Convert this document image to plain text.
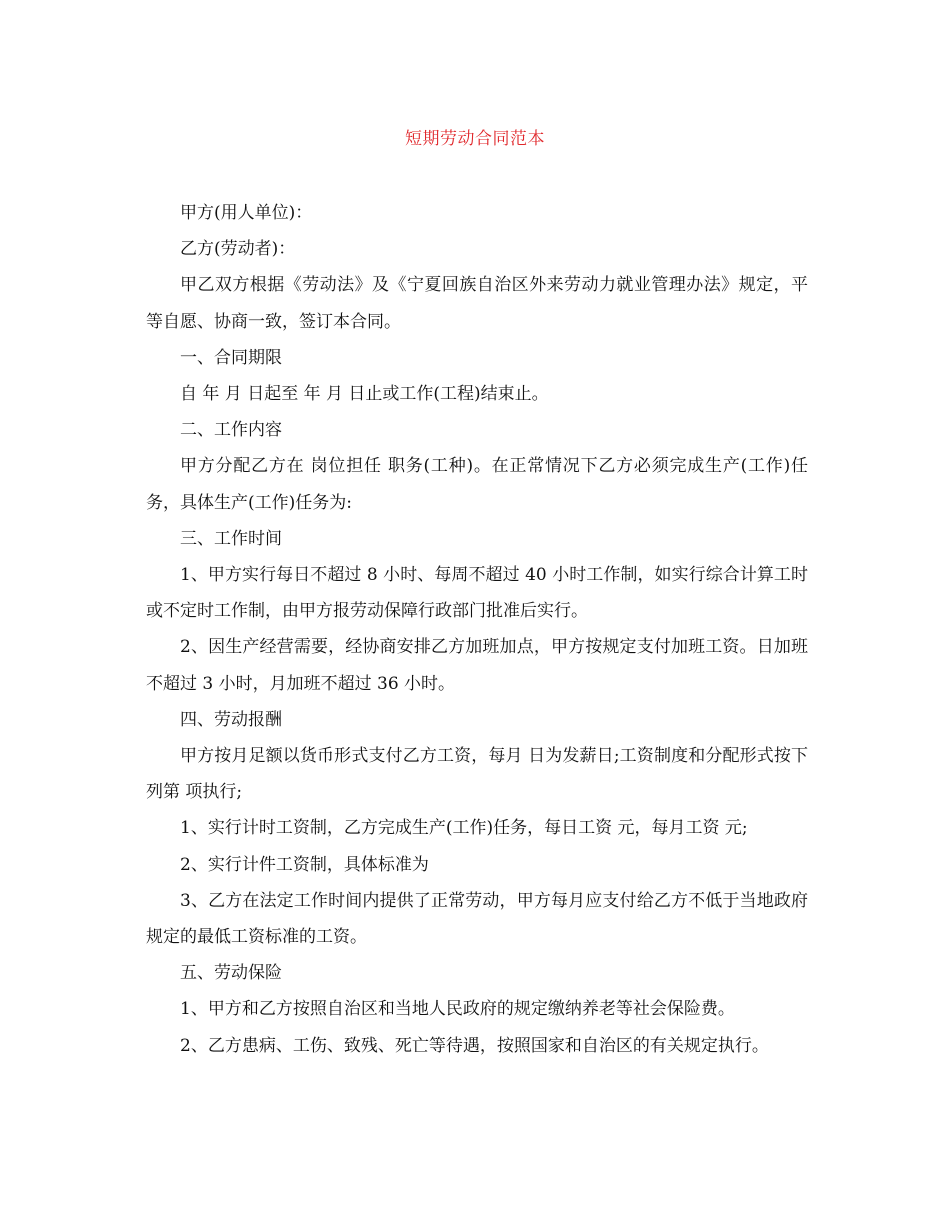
短期劳动合同范本

甲方(用人单位)：

乙方(劳动者)：

甲乙双方根据《劳动法》及《宁夏回族自治区外来劳动力就业管理办法》规定，平等自愿、协商一致，签订本合同。

一、合同期限

自 年 月 日起至 年 月 日止或工作(工程)结束止。

二、工作内容

甲方分配乙方在 岗位担任 职务(工种)。在正常情况下乙方必须完成生产(工作)任务，具体生产(工作)任务为:

三、工作时间

1、甲方实行每日不超过 8 小时、每周不超过 40 小时工作制，如实行综合计算工时或不定时工作制，由甲方报劳动保障行政部门批准后实行。

2、因生产经营需要，经协商安排乙方加班加点，甲方按规定支付加班工资。日加班不超过 3 小时，月加班不超过 36 小时。

四、劳动报酬

甲方按月足额以货币形式支付乙方工资，每月 日为发薪日;工资制度和分配形式按下列第 项执行;

1、实行计时工资制，乙方完成生产(工作)任务，每日工资 元，每月工资 元;

2、实行计件工资制，具体标准为

3、乙方在法定工作时间内提供了正常劳动，甲方每月应支付给乙方不低于当地政府规定的最低工资标准的工资。

五、劳动保险

1、甲方和乙方按照自治区和当地人民政府的规定缴纳养老等社会保险费。

2、乙方患病、工伤、致残、死亡等待遇，按照国家和自治区的有关规定执行。
